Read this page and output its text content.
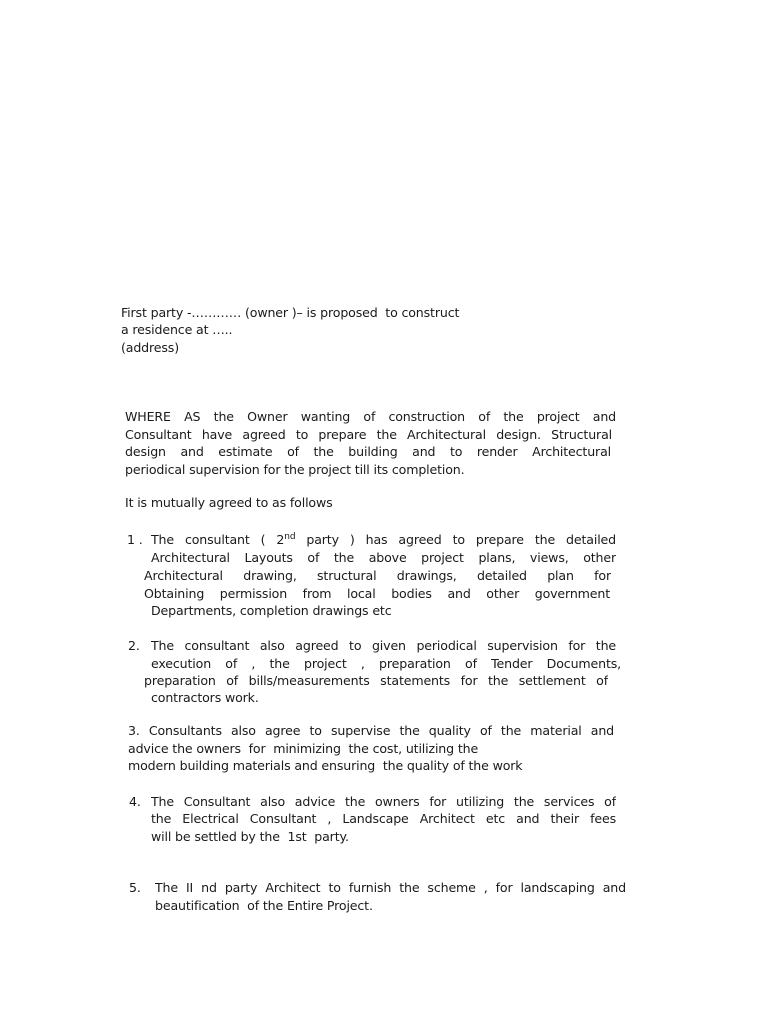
First party -………… (owner )– is proposed  to construct
a residence at …..
(address)
WHERE AS the Owner wanting of construction of the project and
Consultant have agreed to prepare the Architectural design. Structural
design and estimate of the building and to render Architectural
periodical supervision for the project till its completion.
It is mutually agreed to as follows
1 . The consultant ( 2nd party ) has agreed to prepare the detailed
Architectural Layouts of the above project plans, views, other
Architectural drawing, structural drawings, detailed plan for
Obtaining permission from local bodies and other government
Departments, completion drawings etc
2. The consultant also agreed to given periodical supervision for the
execution of , the project , preparation of Tender Documents,
preparation of bills/measurements statements for the settlement of
contractors work.
3. Consultants also agree to supervise the quality of the material and
advice the owners  for  minimizing  the cost, utilizing the
modern building materials and ensuring  the quality of the work
4. The Consultant also advice the owners for utilizing the services of
the Electrical Consultant , Landscape Architect etc and their fees
will be settled by the  1st  party.
5. The II nd party Architect to furnish the scheme , for landscaping and
beautification  of the Entire Project.
